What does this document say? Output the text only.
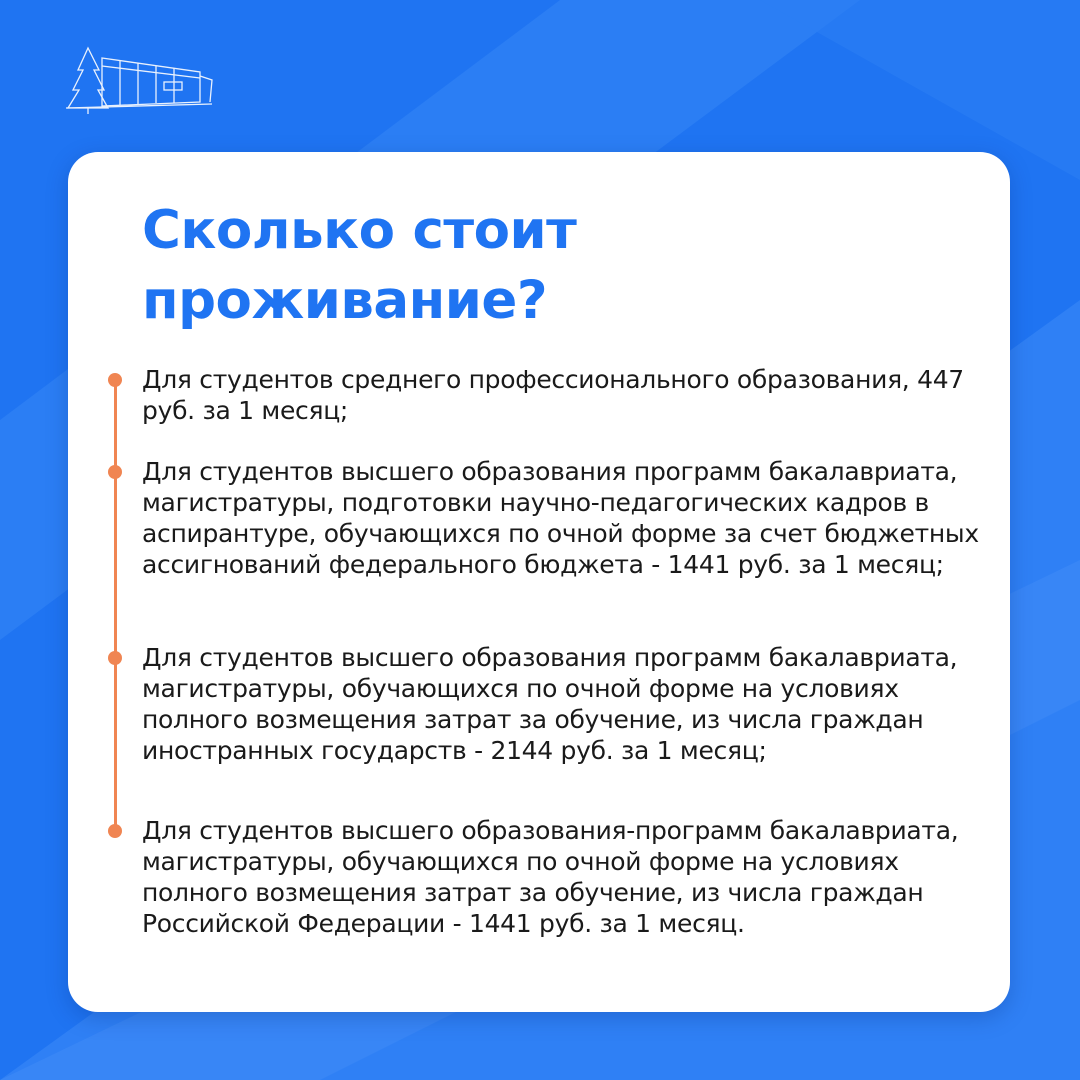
Сколько стоит проживание?
Для студентов среднего профессионального образования, 447 руб. за 1 месяц;
Для студентов высшего образования программ бакалавриата, магистратуры, подготовки научно-педагогических кадров в аспирантуре, обучающихся по очной форме за счет бюджетных ассигнований федерального бюджета - 1441 руб. за 1 месяц;
Для студентов высшего образования программ бакалавриата, магистратуры, обучающихся по очной форме на условиях полного возмещения затрат за обучение, из числа граждан иностранных государств - 2144 руб. за 1 месяц;
Для студентов высшего образования-программ бакалавриата, магистратуры, обучающихся по очной форме на условиях полного возмещения затрат за обучение, из числа граждан Российской Федерации - 1441 руб. за 1 месяц.
